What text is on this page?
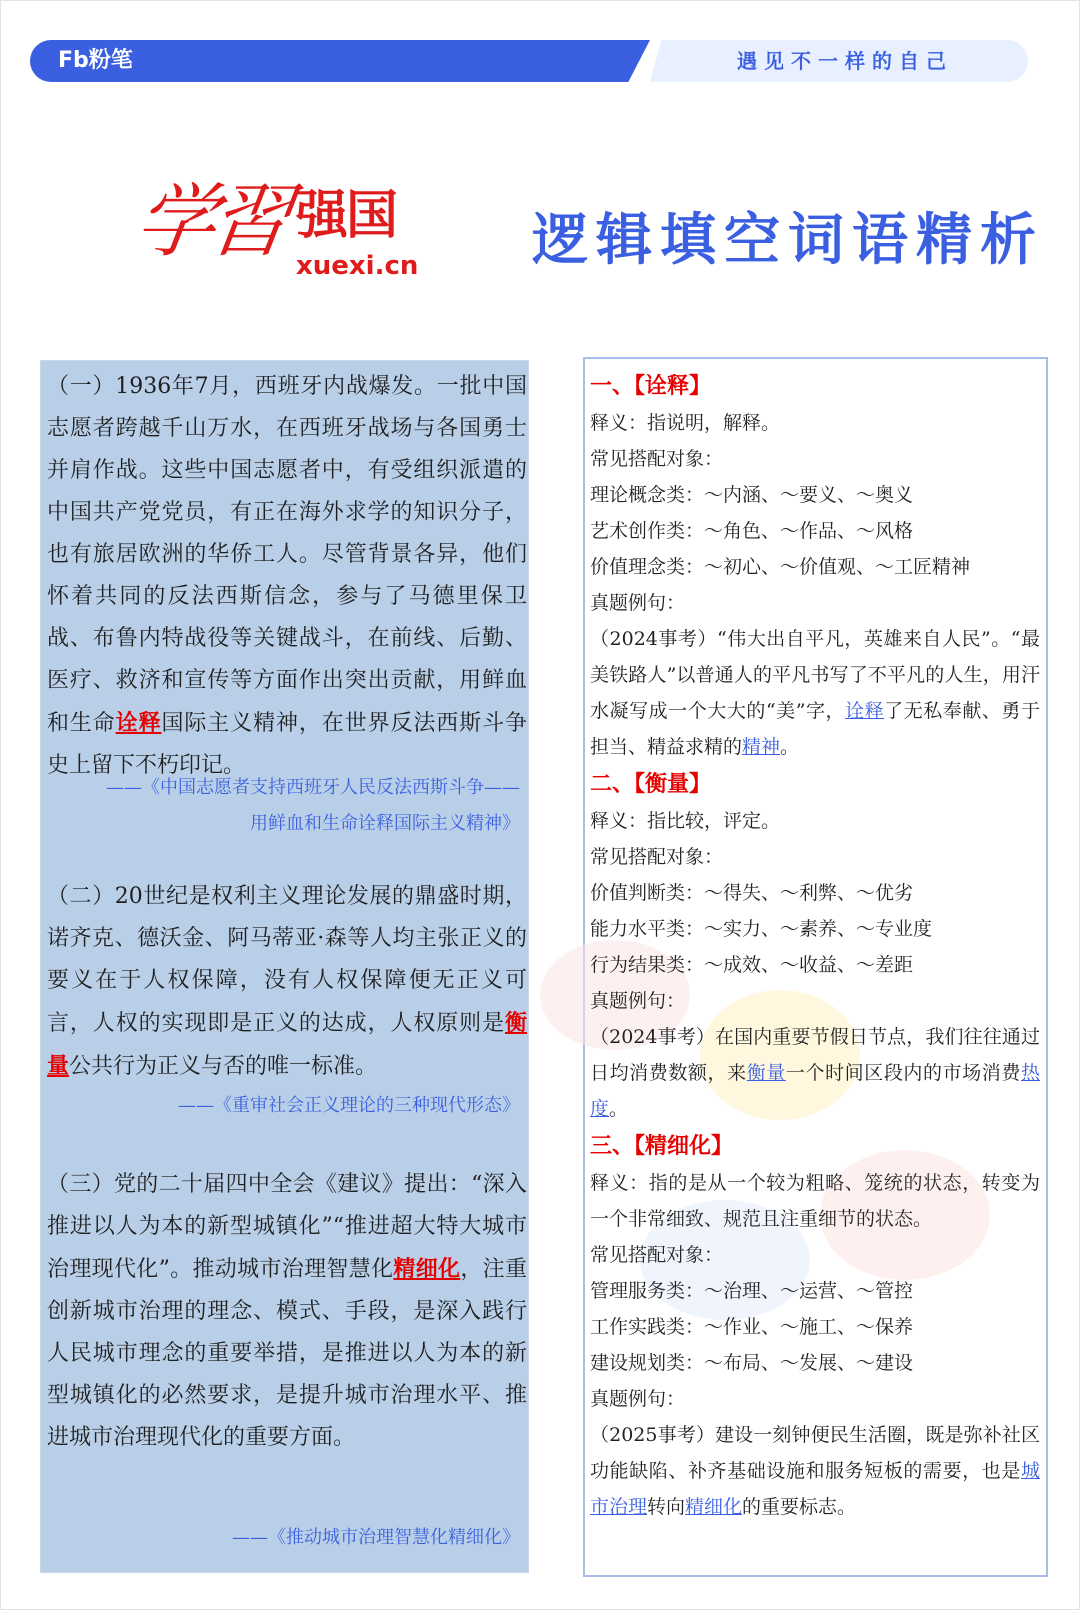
Fb粉笔	遇见不一样的自己
学習 强国
xuexi.cn 逻辑填空词语精析
（一）1936年7月，西班牙内战爆发。一批中国志愿者跨越千山万水，在西班牙战场与各国勇士并肩作战。这些中国志愿者中，有受组织派遣的中国共产党党员，有正在海外求学的知识分子，也有旅居欧洲的华侨工人。尽管背景各异，他们怀着共同的反法西斯信念，参与了马德里保卫战、布鲁内特战役等关键战斗，在前线、后勤、医疗、救济和宣传等方面作出突出贡献，用鲜血和生命诠释国际主义精神，在世界反法西斯斗争史上留下不朽印记。
——《中国志愿者支持西班牙人民反法西斯斗争——
用鲜血和生命诠释国际主义精神》
（二）20世纪是权利主义理论发展的鼎盛时期，诺齐克、德沃金、阿马蒂亚·森等人均主张正义的要义在于人权保障，没有人权保障便无正义可言，人权的实现即是正义的达成，人权原则是衡量公共行为正义与否的唯一标准。
——《重审社会正义理论的三种现代形态》
（三）党的二十届四中全会《建议》提出：“深入推进以人为本的新型城镇化”“推进超大特大城市治理现代化”。推动城市治理智慧化精细化，注重创新城市治理的理念、模式、手段，是深入践行人民城市理念的重要举措，是推进以人为本的新型城镇化的必然要求，是提升城市治理水平、推进城市治理现代化的重要方面。
——《推动城市治理智慧化精细化》
一、【诠释】
释义：指说明，解释。
常见搭配对象：
理论概念类：～内涵、～要义、～奥义
艺术创作类：～角色、～作品、～风格
价值理念类：～初心、～价值观、～工匠精神
真题例句：
（2024事考）“伟大出自平凡，英雄来自人民”。“最美铁路人”以普通人的平凡书写了不平凡的人生，用汗水凝写成一个大大的“美”字，诠释了无私奉献、勇于担当、精益求精的精神。
二、【衡量】
释义：指比较，评定。
常见搭配对象：
价值判断类：～得失、～利弊、～优劣
能力水平类：～实力、～素养、～专业度
行为结果类：～成效、～收益、～差距
真题例句：
（2024事考）在国内重要节假日节点，我们往往通过日均消费数额，来衡量一个时间区段内的市场消费热度。
三、【精细化】
释义：指的是从一个较为粗略、笼统的状态，转变为一个非常细致、规范且注重细节的状态。
常见搭配对象：
管理服务类：～治理、～运营、～管控
工作实践类：～作业、～施工、～保养
建设规划类：～布局、～发展、～建设
真题例句：
（2025事考）建设一刻钟便民生活圈，既是弥补社区功能缺陷、补齐基础设施和服务短板的需要，也是城市治理转向精细化的重要标志。
